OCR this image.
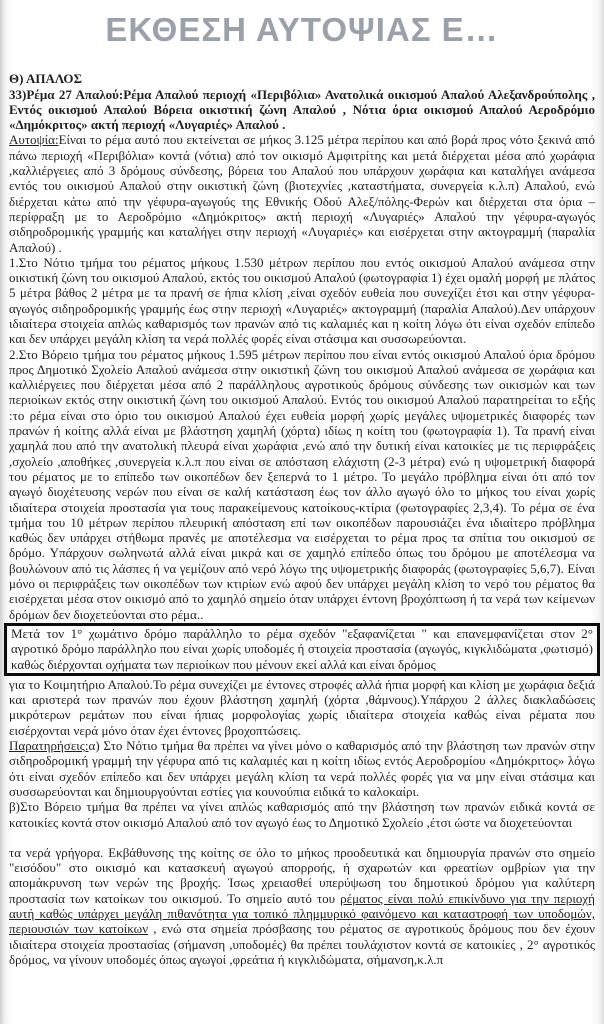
ΕΚΘΕΣΗ ΑΥΤΟΨΙΑΣ Ε…

Θ) ΑΠΑΛΟΣ

33)Ρέμα 27 Απαλού:Ρέμα Απαλού περιοχή «Περιβόλια» Ανατολικά οικισμού Απαλού Αλεξανδρούπολης , Εντός οικισμού Απαλού Βόρεια οικιστική ζώνη Απαλού , Νότια όρια οικισμού Απαλού Αεροδρόμιο «Δημόκριτος» ακτή περιοχή «Λυγαριές» Απαλού .

Αυτοψία:Είναι το ρέμα αυτό που εκτείνεται σε μήκος 3.125 μέτρα περίπου και από βορά προς νότο ξεκινά από πάνω περιοχή «Περιβόλια» κοντά (νότια) από τον οικισμό Αμφιτρίτης και μετά διέρχεται μέσα από χωράφια ,καλλιέργειες από 3 δρόμους σύνδεσης, βόρεια του Απαλού που υπάρχουν χωράφια και καταλήγει ανάμεσα εντός του οικισμού Απαλού στην οικιστική ζώνη (βιοτεχνίες ,καταστήματα, συνεργεία κ.λ.π) Απαλού, ενώ διέρχεται κάτω από την γέφυρα-αγωγούς της Εθνικής Οδού Αλεξ/πόλης-Φερών και διέρχεται στα όρια –περίφραξη με το Αεροδρόμιο «Δημόκριτος» ακτή περιοχή «Λυγαριές» Απαλού την γέφυρα-αγωγός σιδηροδρομικής γραμμής και καταλήγει στην περιοχή «Λυγαριές» και εισέρχεται στην ακτογραμμή (παραλία Απαλού) .

1.Στο Νότιο τμήμα του ρέματος μήκους 1.530 μέτρων περίπου που εντός οικισμού Απαλού ανάμεσα στην οικιστική ζώνη του οικισμού Απαλού, εκτός του οικισμού Απαλού (φωτογραφία 1) έχει ομαλή μορφή με πλάτος 5 μέτρα βάθος 2 μέτρα με τα πρανή σε ήπια κλίση ,είναι σχεδόν ευθεία που συνεχίζει έτσι και στην γέφυρα-αγωγός σιδηροδρομικής γραμμής έως στην περιοχή «Λυγαριές» ακτογραμμή (παραλία Απαλού).Δεν υπάρχουν ιδιαίτερα στοιχεία απλώς καθαρισμός των πρανών από τις καλαμιές και η κοίτη λόγω ότι είναι σχεδόν επίπεδο και δεν υπάρχει μεγάλη κλίση τα νερά πολλές φορές είναι στάσιμα και συσσωρεύονται.

2.Στο Βόρειο τμήμα του ρέματος μήκους 1.595 μέτρων περίπου που είναι εντός οικισμού Απαλού όρια δρόμου προς Δημοτικό Σχολείο Απαλού ανάμεσα στην οικιστική ζώνη του οικισμού Απαλού ανάμεσα σε χωράφια και καλλιέργειες που διέρχεται μέσα από 2 παράλληλους αγροτικούς δρόμους σύνδεσης των οικισμών και των περιοίκων εκτός στην οικιστική ζώνη του οικισμού Απαλού. Εντός του οικισμού Απαλού παρατηρείται το εξής :το ρέμα είναι στο όριο του οικισμού Απαλού έχει ευθεία μορφή χωρίς μεγάλες υψομετρικές διαφορές των πρανών ή κοίτης αλλά είναι με βλάστηση χαμηλή (χόρτα) ιδίως η κοίτη του (φωτογραφία 1). Τα πρανή είναι χαμηλά που από την ανατολική πλευρά είναι χωράφια ,ενώ από την δυτική είναι κατοικίες με τις περιφράξεις ,σχολείο ,αποθήκες ,συνεργεία κ.λ.π που είναι σε απόσταση ελάχιστη (2-3 μέτρα) ενώ η υψομετρική διαφορά του ρέματος με το επίπεδο των οικοπέδων δεν ξεπερνά το 1 μέτρο. Το μεγάλο πρόβλημα είναι ότι από τον αγωγό διοχέτευσης νερών που είναι σε καλή κατάσταση έως τον άλλο αγωγό όλο το μήκος του είναι χωρίς ιδιαίτερα στοιχεία προστασία για τους παρακείμενους κατοίκους-κτίρια (φωτογραφίες 2,3,4). Το ρέμα σε ένα τμήμα του 10 μέτρων περίπου πλευρική απόσταση επί των οικοπέδων παρουσιάζει ένα ιδιαίτερο πρόβλημα καθώς δεν υπάρχει στήθωμα πρανές με αποτέλεσμα να εισέρχεται το ρέμα προς τα σπίτια του οικισμού σε δρόμο. Υπάρχουν σωληνωτά αλλά είναι μικρά και σε χαμηλό επίπεδο όπως του δρόμου με αποτέλεσμα να βουλώνουν από τις λάσπες ή να γεμίζουν από νερό λόγω της υψομετρικής διαφοράς (φωτογραφίες 5,6,7). Είναι μόνο οι περιφράξεις των οικοπέδων των κτιρίων ενώ αφού δεν υπάρχει μεγάλη κλίση το νερό του ρέματος θα εισέρχεται μέσα στον οικισμό από το χαμηλό σημείο όταν υπάρχει έντονη βροχόπτωση ή τα νερά των κείμενων δρόμων δεν διοχετεύονται στο ρέμα..

Μετά τον 1° χωμάτινο δρόμο παράλληλο το ρέμα σχεδόν "εξαφανίζεται " και επανεμφανίζεται στον 2° αγροτικό δρόμο παράλληλο που είναι χωρίς υποδομές ή στοιχεία προστασία (αγωγός, κιγκλιδώματα ,φωτισμό) καθώς διέρχονται οχήματα των περιοίκων που μένουν εκεί αλλά και είναι δρόμος

για το Κοιμητήριο Απαλού.Το ρέμα συνεχίζει με έντονες στροφές αλλά ήπια μορφή και κλίση με χωράφια δεξιά και αριστερά των πρανών που έχουν βλάστηση χαμηλή (χόρτα ,θάμνους).Υπάρχου 2 άλλες διακλαδώσεις μικρότερων ρεμάτων που είναι ήπιας μορφολογίας χωρίς ιδιαίτερα στοιχεία καθώς είναι ρέματα που εισέρχονται νερά μόνο όταν έχει έντονες βροχοπτώσεις.

Παρατηρήσεις:α) Στο Νότιο τμήμα θα πρέπει να γίνει μόνο ο καθαρισμός από την βλάστηση των πρανών στην σιδηροδρομική γραμμή την γέφυρα από τις καλαμιές και η κοίτη ιδίως εντός Αεροδρομίου «Δημόκριτος» λόγω ότι είναι σχεδόν επίπεδο και δεν υπάρχει μεγάλη κλίση τα νερά πολλές φορές για να μην είναι στάσιμα και συσσωρεύονται και δημιουργούνται εστίες για κουνούπια ειδικά το καλοκαίρι.

β)Στο Βόρειο τμήμα θα πρέπει να γίνει απλώς καθαρισμός από την βλάστηση των πρανών ειδικά κοντά σε κατοικίες κοντά στον οικισμό Απαλού από τον αγωγό έως το Δημοτικό Σχολείο ,έτσι ώστε να διοχετεύονται

τα νερά γρήγορα. Εκβάθυνσης της κοίτης σε όλο το μήκος προοδευτικά και δημιουργία πρανών στο σημείο "εισόδου" στο οικισμό και κατασκευή αγωγού απορροής, ή σχαρωτών και φρεατίων ομβρίων για την απομάκρυνση των νερών της βροχής. Ίσως χρειασθεί υπερύψωση του δημοτικού δρόμου για καλύτερη προστασία των κατοίκων του οικισμού. Το σημείο αυτό του ρέματος είναι πολύ επικίνδυνο για την περιοχή αυτή καθώς υπάρχει μεγάλη πιθανότητα για τοπικό πλημμυρικό φαινόμενο και καταστροφή των υποδομών, περιουσιών των κατοίκων , ενώ στα σημεία πρόσβασης του ρέματος σε αγροτικούς δρόμους που δεν έχουν ιδιαίτερα στοιχεία προστασίας (σήμανση ,υποδομές) θα πρέπει τουλάχιστον κοντά σε κατοικίες , 2° αγροτικός δρόμος, να γίνουν υποδομές όπως αγωγοί ,φρεάτια ή κιγκλιδώματα, σήμανση,κ.λ.π
